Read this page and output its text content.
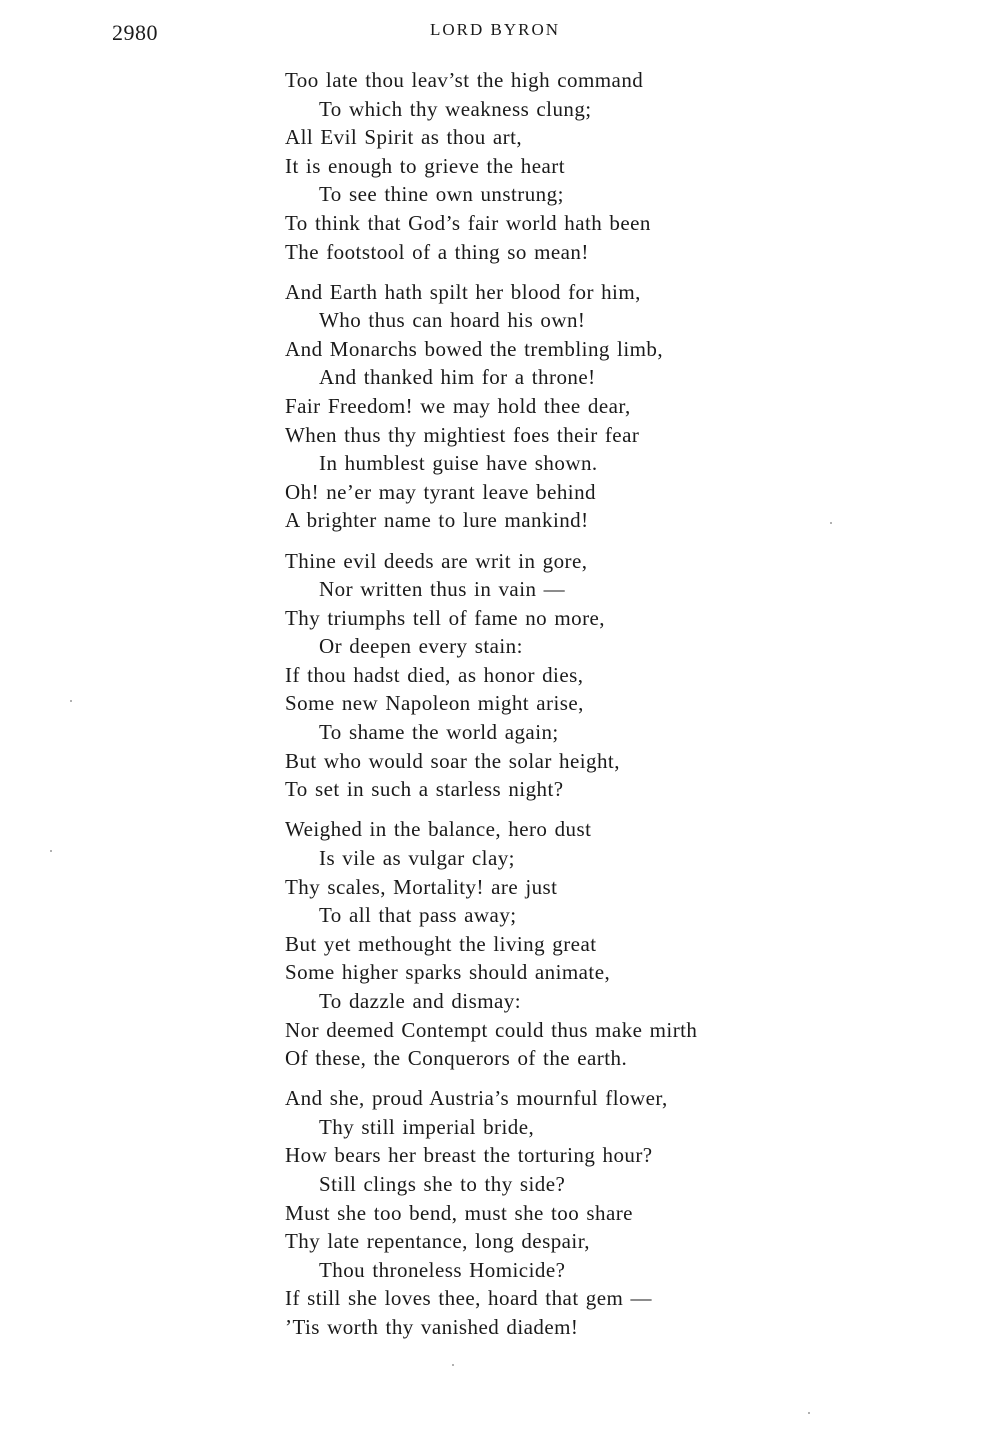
2980	LORD BYRON
Too late thou leav’st the high command
To which thy weakness clung;
All Evil Spirit as thou art,
It is enough to grieve the heart
To see thine own unstrung;
To think that God’s fair world hath been
The footstool of a thing so mean!
And Earth hath spilt her blood for him,
Who thus can hoard his own!
And Monarchs bowed the trembling limb,
And thanked him for a throne!
Fair Freedom! we may hold thee dear,
When thus thy mightiest foes their fear
In humblest guise have shown.
Oh! ne’er may tyrant leave behind
A brighter name to lure mankind!
Thine evil deeds are writ in gore,
Nor written thus in vain —
Thy triumphs tell of fame no more,
Or deepen every stain:
If thou hadst died, as honor dies,
Some new Napoleon might arise,
To shame the world again;
But who would soar the solar height,
To set in such a starless night?
Weighed in the balance, hero dust
Is vile as vulgar clay;
Thy scales, Mortality! are just
To all that pass away;
But yet methought the living great
Some higher sparks should animate,
To dazzle and dismay:
Nor deemed Contempt could thus make mirth
Of these, the Conquerors of the earth.
And she, proud Austria’s mournful flower,
Thy still imperial bride,
How bears her breast the torturing hour?
Still clings she to thy side?
Must she too bend, must she too share
Thy late repentance, long despair,
Thou throneless Homicide?
If still she loves thee, hoard that gem —
’Tis worth thy vanished diadem!
